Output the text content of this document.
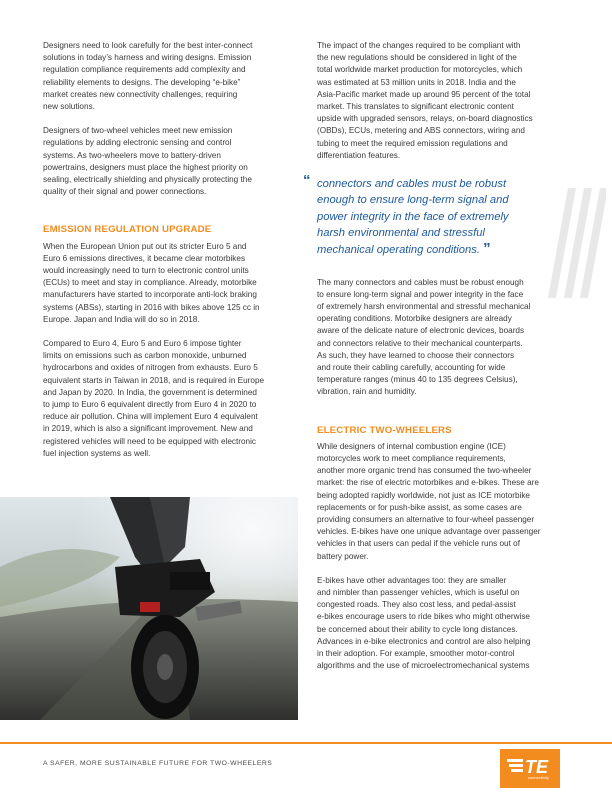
Designers need to look carefully for the best inter-connect
solutions in today’s harness and wiring designs. Emission
regulation compliance requirements add complexity and
reliability elements to designs. The developing “e-bike”
market creates new connectivity challenges, requiring
new solutions.

Designers of two-wheel vehicles meet new emission
regulations by adding electronic sensing and control
systems. As two-wheelers move to battery-driven
powertrains, designers must place the highest priority on
sealing, electrically shielding and physically protecting the
quality of their signal and power connections.

EMISSION REGULATION UPGRADE

When the European Union put out its stricter Euro 5 and
Euro 6 emissions directives, it became clear motorbikes
would increasingly need to turn to electronic control units
(ECUs) to meet and stay in compliance. Already, motorbike
manufacturers have started to incorporate anti-lock braking
systems (ABSs), starting in 2016 with bikes above 125 cc in
Europe. Japan and India will do so in 2018.

Compared to Euro 4, Euro 5 and Euro 6 impose tighter
limits on emissions such as carbon monoxide, unburned
hydrocarbons and oxides of nitrogen from exhausts. Euro 5
equivalent starts in Taiwan in 2018, and is required in Europe
and Japan by 2020. In India, the government is determined
to jump to Euro 6 equivalent directly from Euro 4 in 2020 to
reduce air pollution. China will implement Euro 4 equivalent
in 2019, which is also a significant improvement. New and
registered vehicles will need to be equipped with electronic
fuel injection systems as well.

The impact of the changes required to be compliant with
the new regulations should be considered in light of the
total worldwide market production for motorcycles, which
was estimated at 53 million units in 2018. India and the
Asia-Pacific market made up around 95 percent of the total
market. This translates to significant electronic content
upside with upgraded sensors, relays, on-board diagnostics
(OBDs), ECUs, metering and ABS connectors, wiring and
tubing to meet the required emission regulations and
differentiation features.

“ connectors and cables must be robust
enough to ensure long-term signal and
power integrity in the face of extremely
harsh environmental and stressful
mechanical operating conditions. ”

The many connectors and cables must be robust enough
to ensure long-term signal and power integrity in the face
of extremely harsh environmental and stressful mechanical
operating conditions. Motorbike designers are already
aware of the delicate nature of electronic devices, boards
and connectors relative to their mechanical counterparts.
As such, they have learned to choose their connectors
and route their cabling carefully, accounting for wide
temperature ranges (minus 40 to 135 degrees Celsius),
vibration, rain and humidity.

ELECTRIC TWO-WHEELERS

While designers of internal combustion engine (ICE)
motorcycles work to meet compliance requirements,
another more organic trend has consumed the two-wheeler
market: the rise of electric motorbikes and e-bikes. These are
being adopted rapidly worldwide, not just as ICE motorbike
replacements or for push-bike assist, as some cases are
providing consumers an alternative to four-wheel passenger
vehicles. E-bikes have one unique advantage over passenger
vehicles in that users can pedal if the vehicle runs out of
battery power.

E-bikes have other advantages too: they are smaller
and nimbler than passenger vehicles, which is useful on
congested roads. They also cost less, and pedal-assist
e-bikes encourage users to ride bikes who might otherwise
be concerned about their ability to cycle long distances.
Advances in e-bike electronics and control are also helping
in their adoption. For example, smoother motor-control
algorithms and the use of microelectromechanical systems

A SAFER, MORE SUSTAINABLE FUTURE FOR TWO-WHEELERS	TE
connectivity
